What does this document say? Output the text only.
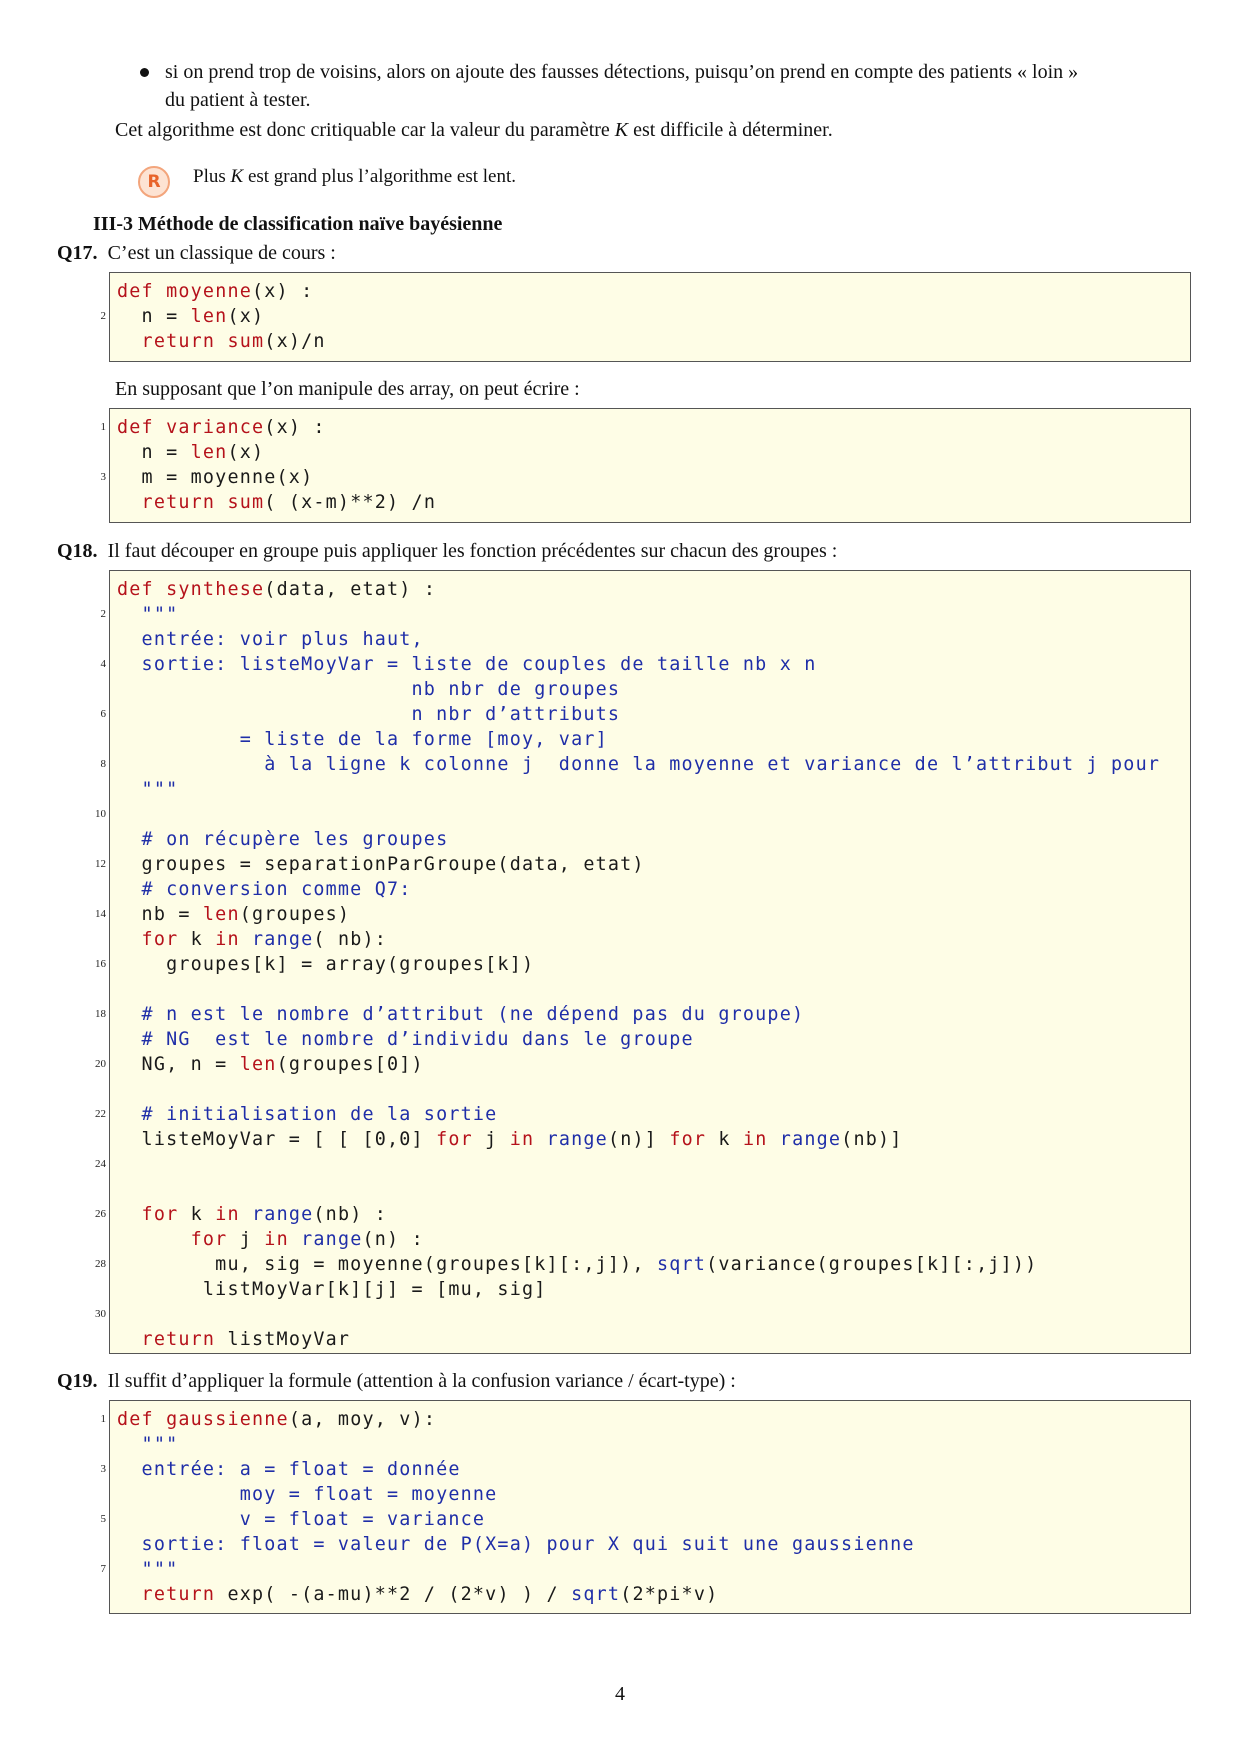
si on prend trop de voisins, alors on ajoute des fausses détections, puisqu’on prend en compte des patients « loin »
du patient à tester.
Cet algorithme est donc critiquable car la valeur du paramètre K est difficile à déterminer.
R	Plus K est grand plus l’algorithme est lent.
III-3 Méthode de classification naïve bayésienne
Q17. C’est un classique de cours :

2

def moyenne(x) :
n = len(x)
return sum(x)/n
En supposant que l’on manipule des array, on peut écrire :
1

3

def variance(x) :
n = len(x)
m = moyenne(x)
return sum( (x-m)**2) /n
Q18. Il faut découper en groupe puis appliquer les fonction précédentes sur chacun des groupes :

2

4

6

8

10

12

14

16

18

20

22

24

26

28

30

def synthese(data, etat) :
"""
entrée: voir plus haut,
sortie: listeMoyVar = liste de couples de taille nb x n
nb nbr de groupes
n nbr d’attributs
= liste de la forme [moy, var]
à la ligne k colonne j  donne la moyenne et variance de l’attribut j pour
"""

# on récupère les groupes
groupes = separationParGroupe(data, etat)
# conversion comme Q7:
nb = len(groupes)
for k in range( nb):
groupes[k] = array(groupes[k])

# n est le nombre d’attribut (ne dépend pas du groupe)
# NG  est le nombre d’individu dans le groupe
NG, n = len(groupes[0])

# initialisation de la sortie
listeMoyVar = [ [ [0,0] for j in range(n)] for k in range(nb)]

for k in range(nb) :
for j in range(n) :
mu, sig = moyenne(groupes[k][:,j]), sqrt(variance(groupes[k][:,j]))
listMoyVar[k][j] = [mu, sig]

return listMoyVar
Q19. Il suffit d’appliquer la formule (attention à la confusion variance / écart-type) :
1

3

5

7

def gaussienne(a, moy, v):
"""
entrée: a = float = donnée
moy = float = moyenne
v = float = variance
sortie: float = valeur de P(X=a) pour X qui suit une gaussienne
"""
return exp( -(a-mu)**2 / (2*v) ) / sqrt(2*pi*v)
4
